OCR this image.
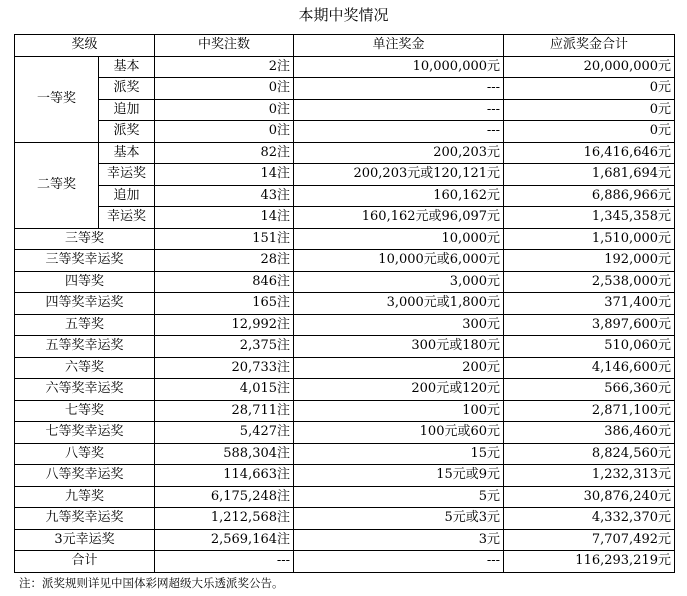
本期中奖情况
奖级		中奖注数	单注奖金	应派奖金合计
一等奖	基本	2注	10,000,000元	20,000,000元
	派奖	0注	---	0元
	追加	0注	---	0元
	派奖	0注	---	0元
二等奖	基本	82注	200,203元	16,416,646元
	幸运奖	14注	200,203元或120,121元	1,681,694元
	追加	43注	160,162元	6,886,966元
	幸运奖	14注	160,162元或96,097元	1,345,358元
三等奖		151注	10,000元	1,510,000元
三等奖幸运奖		28注	10,000元或6,000元	192,000元
四等奖		846注	3,000元	2,538,000元
四等奖幸运奖		165注	3,000元或1,800元	371,400元
五等奖		12,992注	300元	3,897,600元
五等奖幸运奖		2,375注	300元或180元	510,060元
六等奖		20,733注	200元	4,146,600元
六等奖幸运奖		4,015注	200元或120元	566,360元
七等奖		28,711注	100元	2,871,100元
七等奖幸运奖		5,427注	100元或60元	386,460元
八等奖		588,304注	15元	8,824,560元
八等奖幸运奖		114,663注	15元或9元	1,232,313元
九等奖		6,175,248注	5元	30,876,240元
九等奖幸运奖		1,212,568注	5元或3元	4,332,370元
3元幸运奖		2,569,164注	3元	7,707,492元
合计		---	---	116,293,219元
注：派奖规则详见中国体彩网超级大乐透派奖公告。
